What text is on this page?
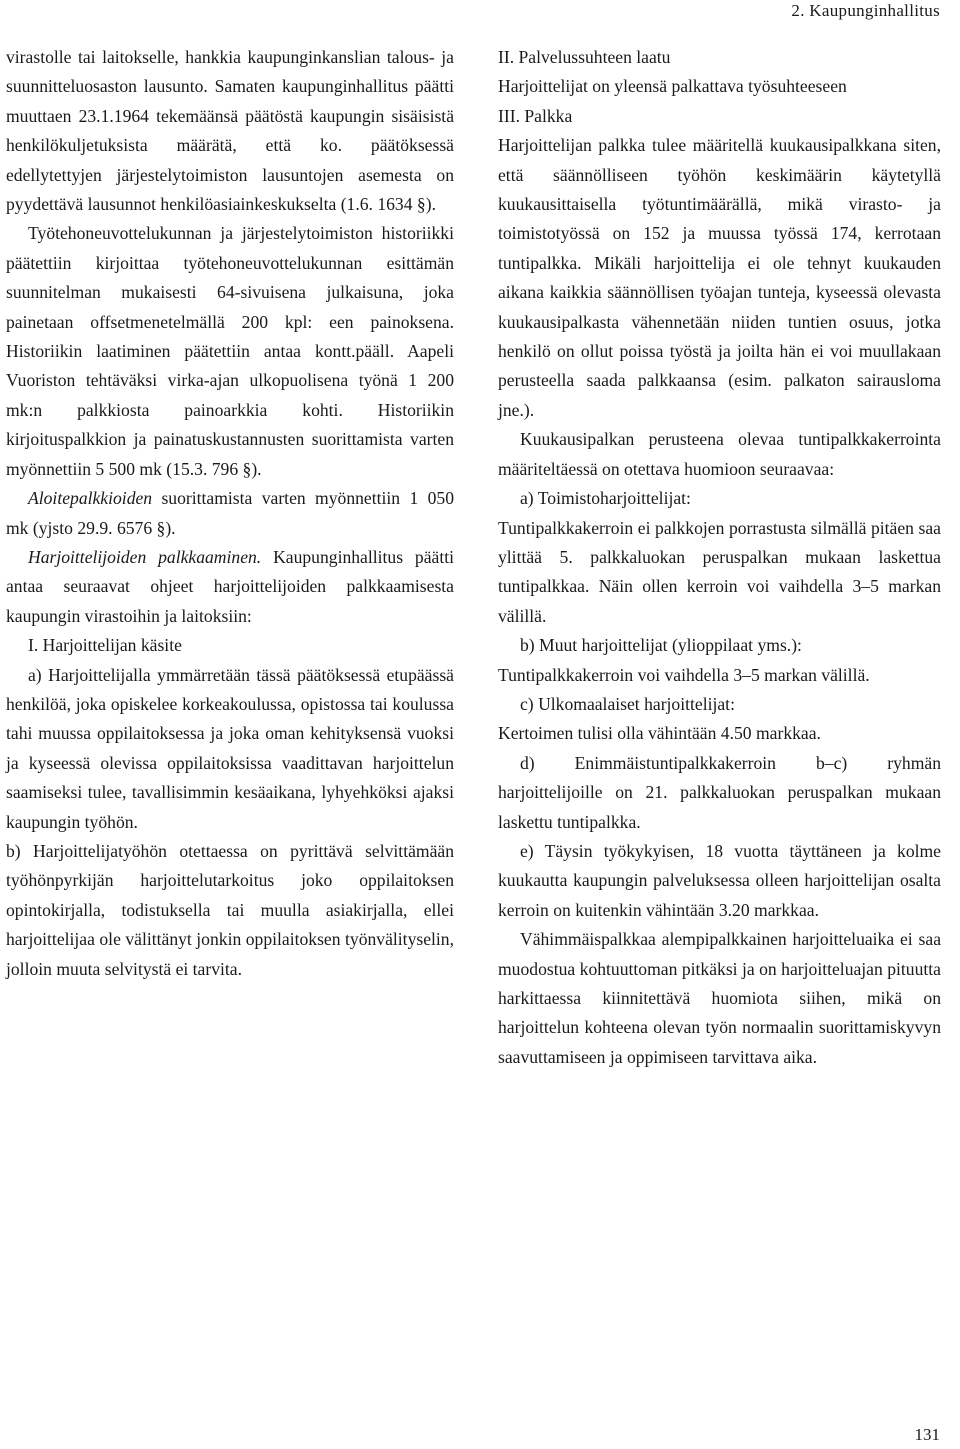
2. Kaupunginhallitus

virastolle tai laitokselle, hankkia kaupunginkanslian talous- ja suunnitteluosaston lausunto. Samaten kaupunginhallitus päätti muuttaen 23.1.1964 tekemäänsä päätöstä kaupungin sisäisistä henkilökuljetuksista määrätä, että ko. päätöksessä edellytettyjen järjestelytoimiston lausuntojen asemesta on pyydettävä lausunnot henkilöasiainkeskukselta (1.6. 1634 §).

Työtehoneuvottelukunnan ja järjestelytoimiston historiikki päätettiin kirjoittaa työtehoneuvottelukunnan esittämän suunnitelman mukaisesti 64-sivuisena julkaisuna, joka painetaan offsetmenetelmällä 200 kpl: een painoksena. Historiikin laatiminen päätettiin antaa kontt.pääll. Aapeli Vuoriston tehtäväksi virka-ajan ulkopuolisena työnä 1 200 mk:n palkkiosta painoarkkia kohti. Historiikin kirjoituspalkkion ja painatuskustannusten suorittamista varten myönnettiin 5 500 mk (15.3. 796 §).

Aloitepalkkioiden suorittamista varten myönnettiin 1 050 mk (yjsto 29.9. 6576 §).

Harjoittelijoiden palkkaaminen. Kaupunginhallitus päätti antaa seuraavat ohjeet harjoittelijoiden palkkaamisesta kaupungin virastoihin ja laitoksiin:

I. Harjoittelijan käsite

a) Harjoittelijalla ymmärretään tässä päätöksessä etupäässä henkilöä, joka opiskelee korkeakoulussa, opistossa tai koulussa tahi muussa oppilaitoksessa ja joka oman kehityksensä vuoksi ja kyseessä olevissa oppilaitoksissa vaadittavan harjoittelun saamiseksi tulee, tavallisimmin kesäaikana, lyhyehköksi ajaksi kaupungin työhön.

b) Harjoittelijatyöhön otettaessa on pyrittävä selvittämään työhönpyrkijän harjoittelutarkoitus joko oppilaitoksen opintokirjalla, todistuksella tai muulla asiakirjalla, ellei harjoittelijaa ole välittänyt jonkin oppilaitoksen työnvälityselin, jolloin muuta selvitystä ei tarvita.

II. Palvelussuhteen laatu

Harjoittelijat on yleensä palkattava työsuhteeseen

III. Palkka

Harjoittelijan palkka tulee määritellä kuukausipalkkana siten, että säännölliseen työhön keskimäärin käytetyllä kuukausittaisella työtuntimäärällä, mikä virasto- ja toimistotyössä on 152 ja muussa työssä 174, kerrotaan tuntipalkka. Mikäli harjoittelija ei ole tehnyt kuukauden aikana kaikkia säännöllisen työajan tunteja, kyseessä olevasta kuukausipalkasta vähennetään niiden tuntien osuus, jotka henkilö on ollut poissa työstä ja joilta hän ei voi muullakaan perusteella saada palkkaansa (esim. palkaton sairausloma jne.).

Kuukausipalkan perusteena olevaa tuntipalkkakerrointa määriteltäessä on otettava huomioon seuraavaa:

a) Toimistoharjoittelijat:

Tuntipalkkakerroin ei palkkojen porrastusta silmällä pitäen saa ylittää 5. palkkaluokan peruspalkan mukaan laskettua tuntipalkkaa. Näin ollen kerroin voi vaihdella 3–5 markan välillä.

b) Muut harjoittelijat (ylioppilaat yms.):

Tuntipalkkakerroin voi vaihdella 3–5 markan välillä.

c) Ulkomaalaiset harjoittelijat:

Kertoimen tulisi olla vähintään 4.50 markkaa.

d) Enimmäistuntipalkkakerroin b–c) ryhmän harjoittelijoille on 21. palkkaluokan peruspalkan mukaan laskettu tuntipalkka.

e) Täysin työkykyisen, 18 vuotta täyttäneen ja kolme kuukautta kaupungin palveluksessa olleen harjoittelijan osalta kerroin on kuitenkin vähintään 3.20 markkaa.

Vähimmäispalkkaa alempipalkkainen harjoitteluaika ei saa muodostua kohtuuttoman pitkäksi ja on harjoitteluajan pituutta harkittaessa kiinnitettävä huomiota siihen, mikä on harjoittelun kohteena olevan työn normaalin suorittamiskyvyn saavuttamiseen ja oppimiseen tarvittava aika.

131
